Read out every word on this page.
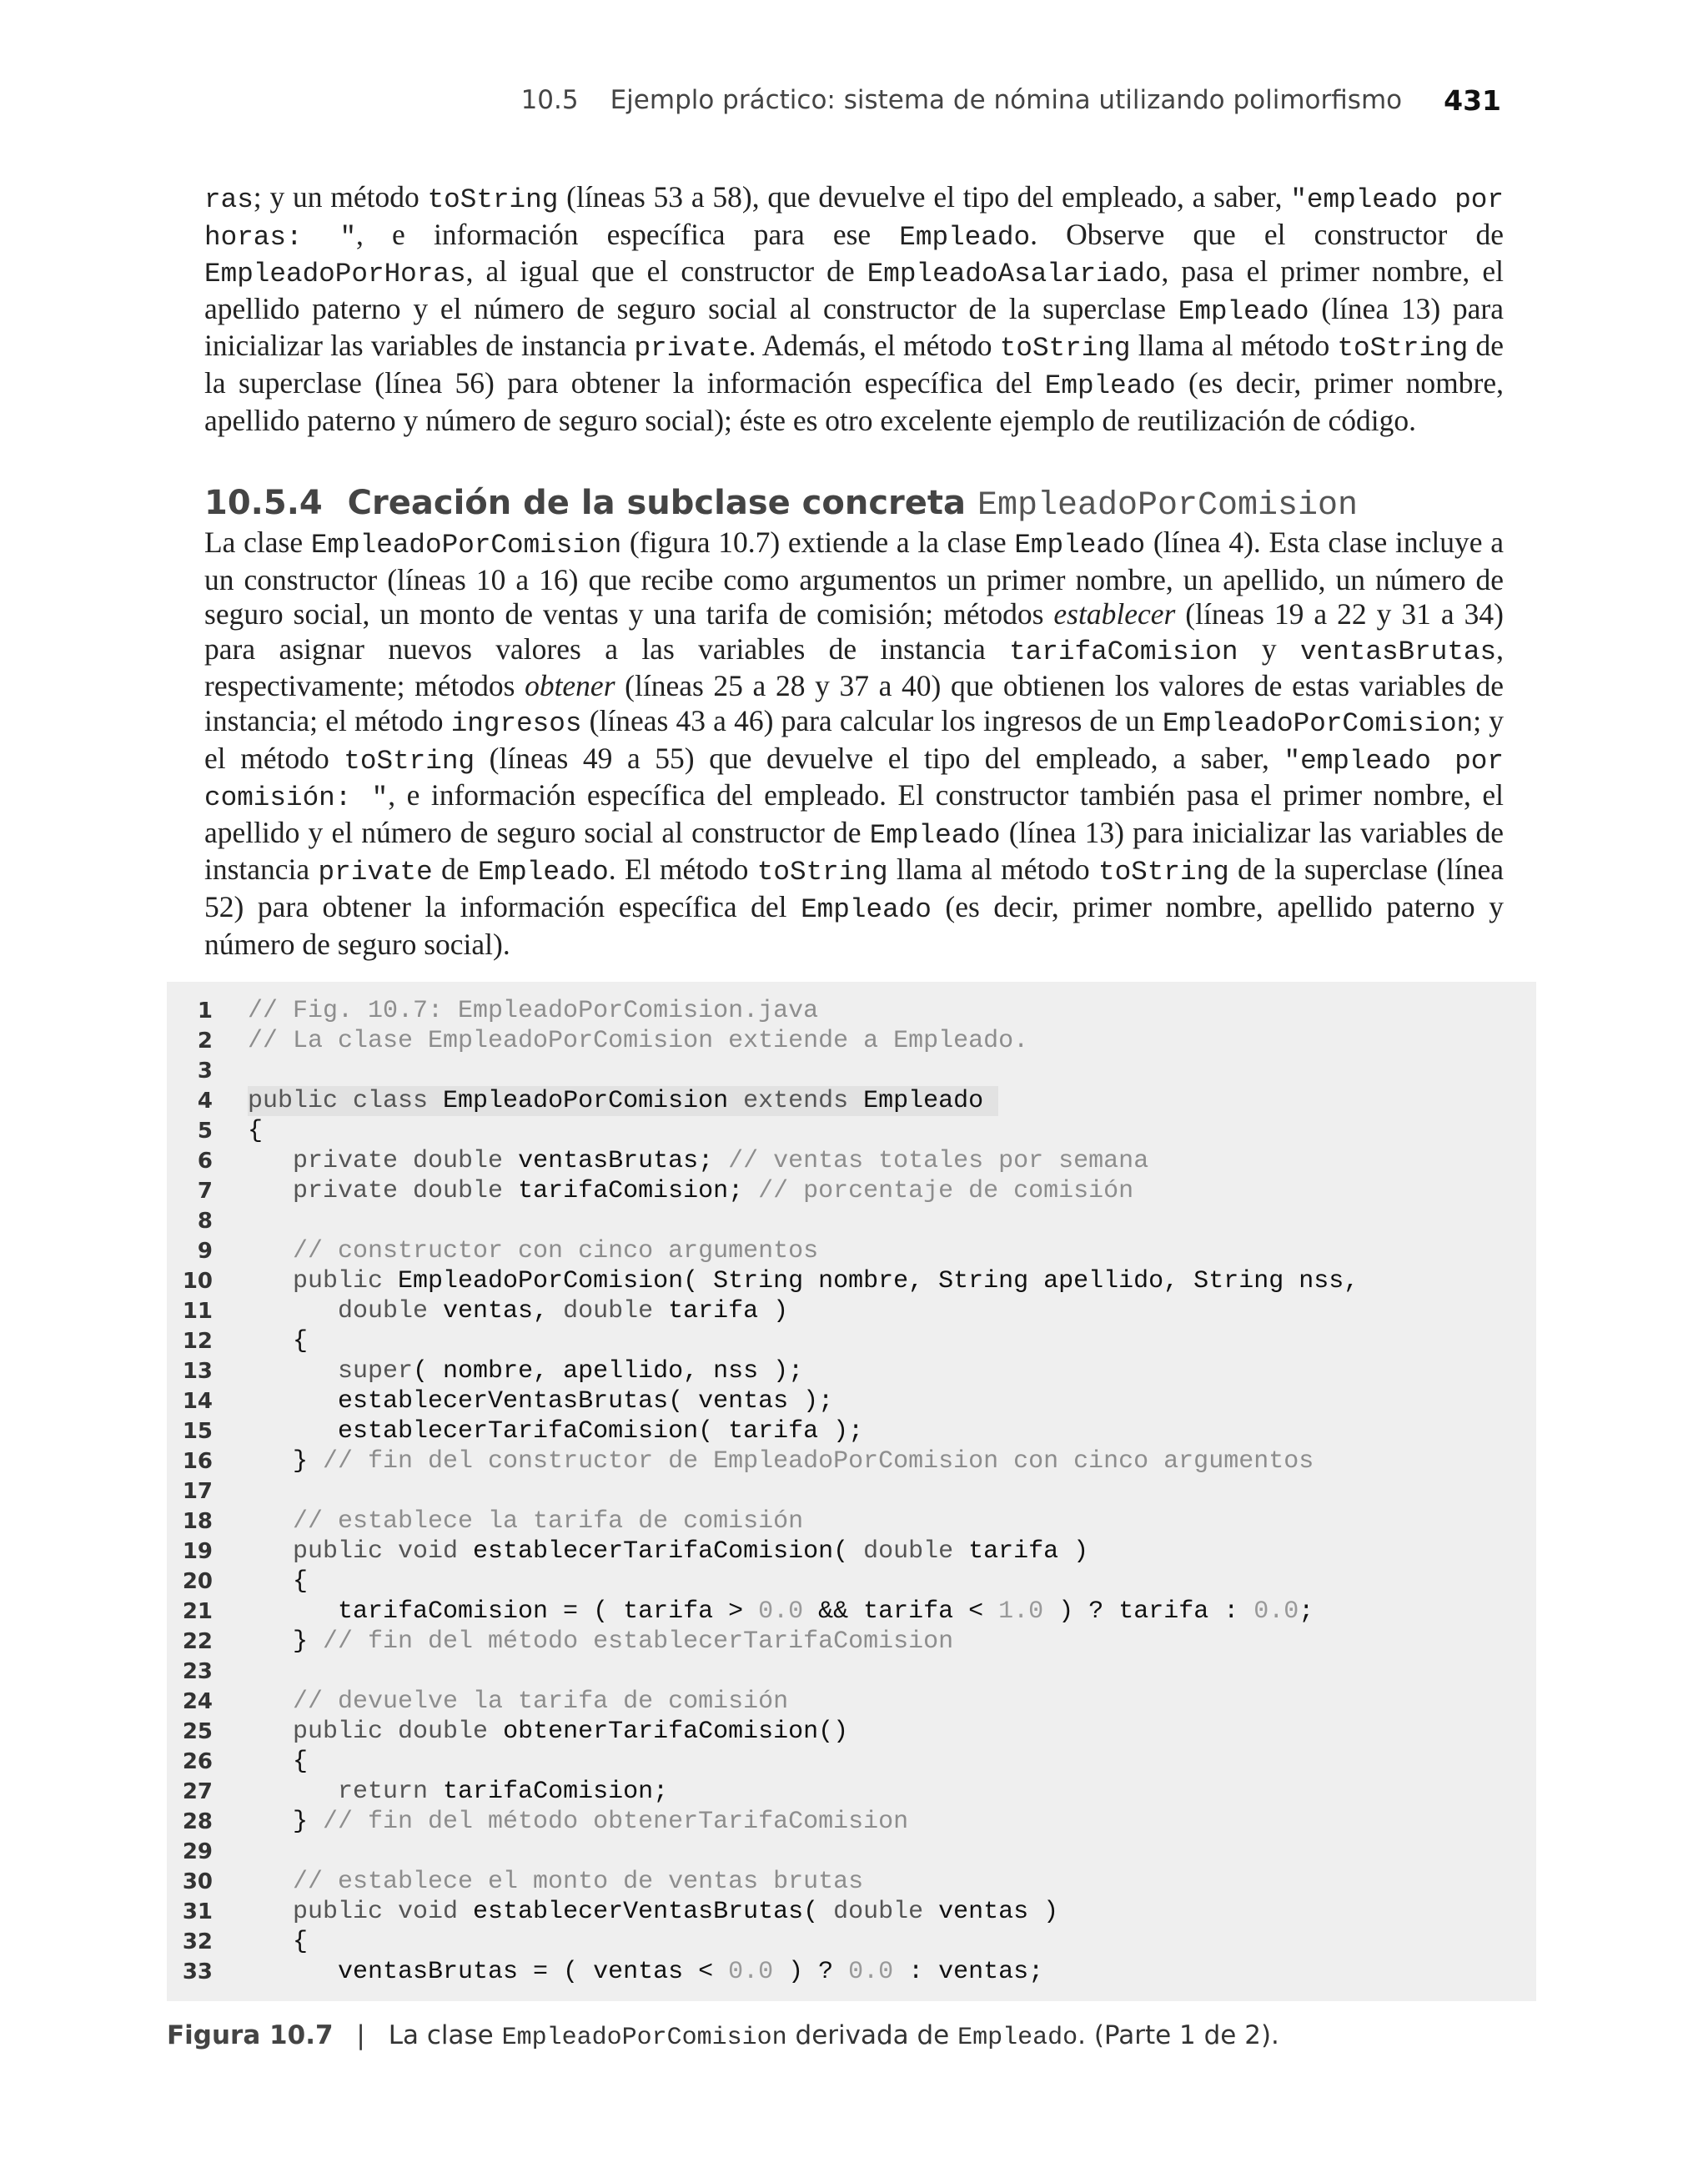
10.5 Ejemplo práctico: sistema de nómina utilizando polimorfismo 431

ras; y un método toString (líneas 53 a 58), que devuelve el tipo del empleado, a saber, "empleado por horas: ", e información específica para ese Empleado. Observe que el constructor de EmpleadoPorHoras, al igual que el constructor de EmpleadoAsalariado, pasa el primer nombre, el apellido paterno y el número de seguro social al constructor de la superclase Empleado (línea 13) para inicializar las variables de instancia private. Además, el método toString llama al método toString de la superclase (línea 56) para obtener la información específica del Empleado (es decir, primer nombre, apellido paterno y número de seguro social); éste es otro excelente ejemplo de reutilización de código.

10.5.4 Creación de la subclase concreta EmpleadoPorComision

La clase EmpleadoPorComision (figura 10.7) extiende a la clase Empleado (línea 4). Esta clase incluye a un constructor (líneas 10 a 16) que recibe como argumentos un primer nombre, un apellido, un número de seguro social, un monto de ventas y una tarifa de comisión; métodos establecer (líneas 19 a 22 y 31 a 34) para asignar nuevos valores a las variables de instancia tarifaComision y ventasBrutas, respectivamente; métodos obtener (líneas 25 a 28 y 37 a 40) que obtienen los valores de estas variables de instancia; el método ingresos (líneas 43 a 46) para calcular los ingresos de un EmpleadoPorComision; y el método toString (líneas 49 a 55) que devuelve el tipo del empleado, a saber, "empleado por comisión: ", e información específica del empleado. El constructor también pasa el primer nombre, el apellido y el número de seguro social al constructor de Empleado (línea 13) para inicializar las variables de instancia private de Empleado. El método toString llama al método toString de la superclase (línea 52) para obtener la información específica del Empleado (es decir, primer nombre, apellido paterno y número de seguro social).

1 // Fig. 10.7: EmpleadoPorComision.java
2 // La clase EmpleadoPorComision extiende a Empleado.
3
4 public class EmpleadoPorComision extends Empleado
5 {
6 private double ventasBrutas; // ventas totales por semana
7 private double tarifaComision; // porcentaje de comisión
8
9 // constructor con cinco argumentos
10 public EmpleadoPorComision( String nombre, String apellido, String nss,
11 double ventas, double tarifa )
12 {
13 super( nombre, apellido, nss );
14 establecerVentasBrutas( ventas );
15 establecerTarifaComision( tarifa );
16 } // fin del constructor de EmpleadoPorComision con cinco argumentos
17
18 // establece la tarifa de comisión
19 public void establecerTarifaComision( double tarifa )
20 {
21 tarifaComision = ( tarifa > 0.0 && tarifa < 1.0 ) ? tarifa : 0.0;
22 } // fin del método establecerTarifaComision
23
24 // devuelve la tarifa de comisión
25 public double obtenerTarifaComision()
26 {
27 return tarifaComision;
28 } // fin del método obtenerTarifaComision
29
30 // establece el monto de ventas brutas
31 public void establecerVentasBrutas( double ventas )
32 {
33 ventasBrutas = ( ventas < 0.0 ) ? 0.0 : ventas;
Figura 10.7 | La clase EmpleadoPorComision derivada de Empleado. (Parte 1 de 2).
